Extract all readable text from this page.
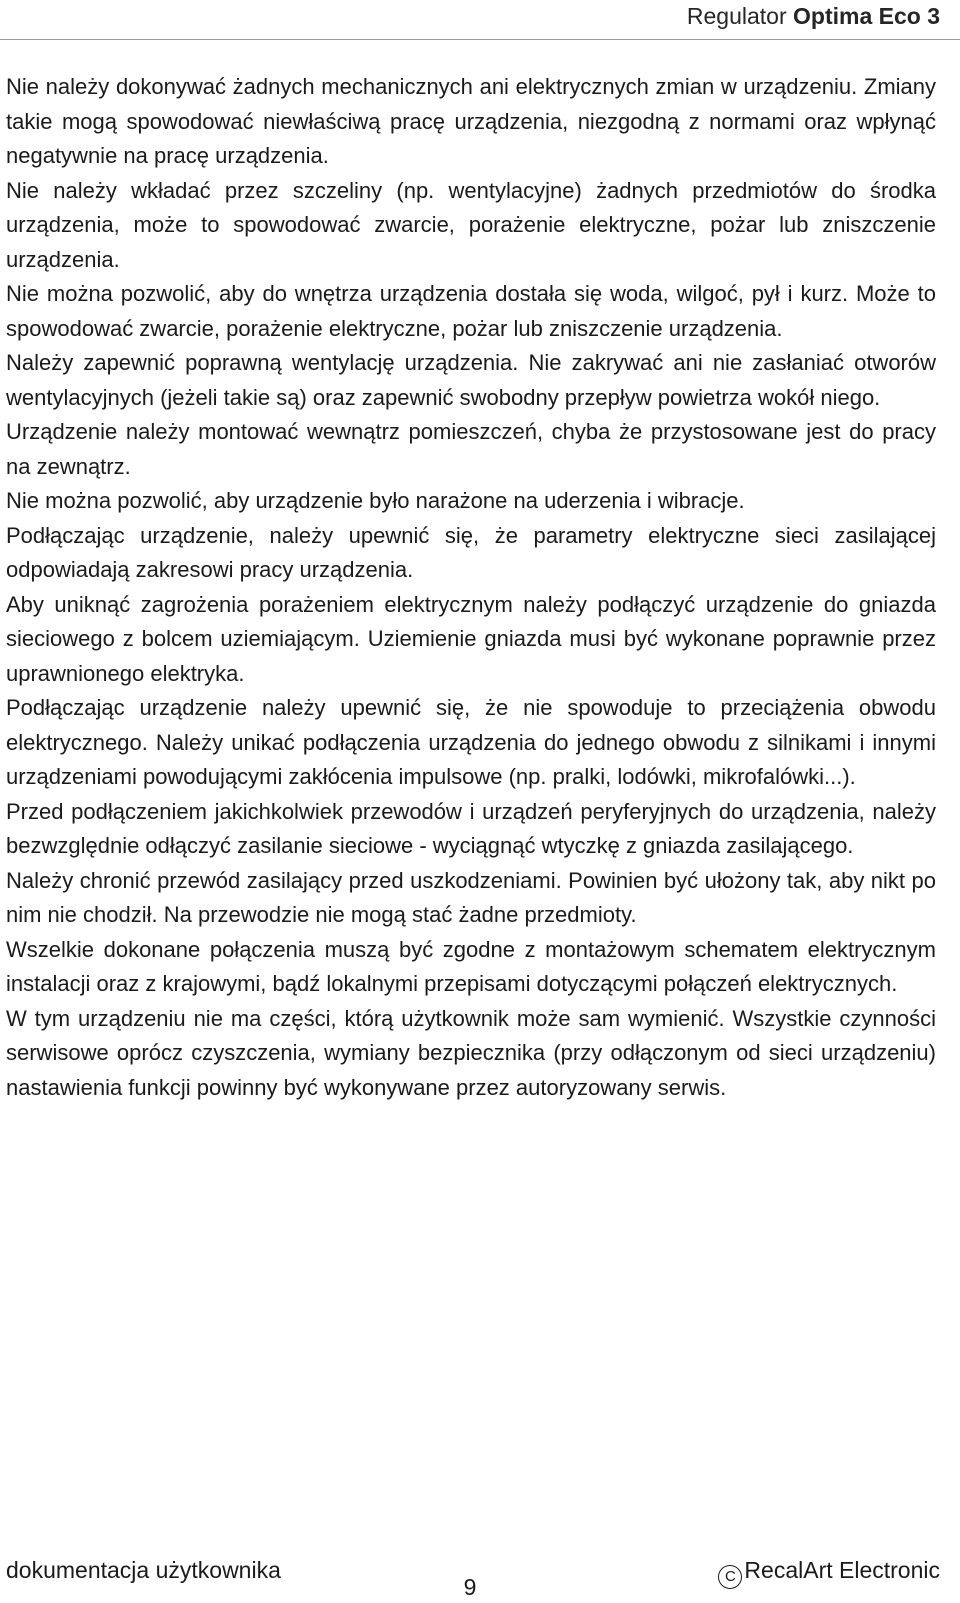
Regulator Optima Eco 3

Nie należy dokonywać żadnych mechanicznych ani elektrycznych zmian w urządzeniu. Zmiany takie mogą spowodować niewłaściwą pracę urządzenia, niezgodną z normami oraz wpłynąć negatywnie na pracę urządzenia.

Nie należy wkładać przez szczeliny (np. wentylacyjne) żadnych przedmiotów do środka urządzenia, może to spowodować zwarcie, porażenie elektryczne, pożar lub zniszczenie urządzenia.

Nie można pozwolić, aby do wnętrza urządzenia dostała się woda, wilgoć, pył i kurz. Może to spowodować zwarcie, porażenie elektryczne, pożar lub zniszczenie urządzenia.

Należy zapewnić poprawną wentylację urządzenia. Nie zakrywać ani nie zasłaniać otworów wentylacyjnych (jeżeli takie są) oraz zapewnić swobodny przepływ powietrza wokół niego.

Urządzenie należy montować wewnątrz pomieszczeń, chyba że przystosowane jest do pracy na zewnątrz.

Nie można pozwolić, aby urządzenie było narażone na uderzenia i wibracje.

Podłączając urządzenie, należy upewnić się, że parametry elektryczne sieci zasilającej odpowiadają zakresowi pracy urządzenia.

Aby uniknąć zagrożenia porażeniem elektrycznym należy podłączyć urządzenie do gniazda sieciowego z bolcem uziemiającym. Uziemienie gniazda musi być wykonane poprawnie przez uprawnionego elektryka.

Podłączając urządzenie należy upewnić się, że nie spowoduje to przeciążenia obwodu elektrycznego. Należy unikać podłączenia urządzenia do jednego obwodu z silnikami i innymi urządzeniami powodującymi zakłócenia impulsowe (np. pralki, lodówki, mikrofalówki...).

Przed podłączeniem jakichkolwiek przewodów i urządzeń peryferyjnych do urządzenia, należy bezwzględnie odłączyć zasilanie sieciowe - wyciągnąć wtyczkę z gniazda zasilającego.

Należy chronić przewód zasilający przed uszkodzeniami. Powinien być ułożony tak, aby nikt po nim nie chodził. Na przewodzie nie mogą stać żadne przedmioty.

Wszelkie dokonane połączenia muszą być zgodne z montażowym schematem elektrycznym instalacji oraz z krajowymi, bądź lokalnymi przepisami dotyczącymi połączeń elektrycznych.

W tym urządzeniu nie ma części, którą użytkownik może sam wymienić. Wszystkie czynności serwisowe oprócz czyszczenia, wymiany bezpiecznika (przy odłączonym od sieci urządzeniu) nastawienia funkcji powinny być wykonywane przez autoryzowany serwis.

dokumentacja użytkownika
9	C RecalArt Electronic
